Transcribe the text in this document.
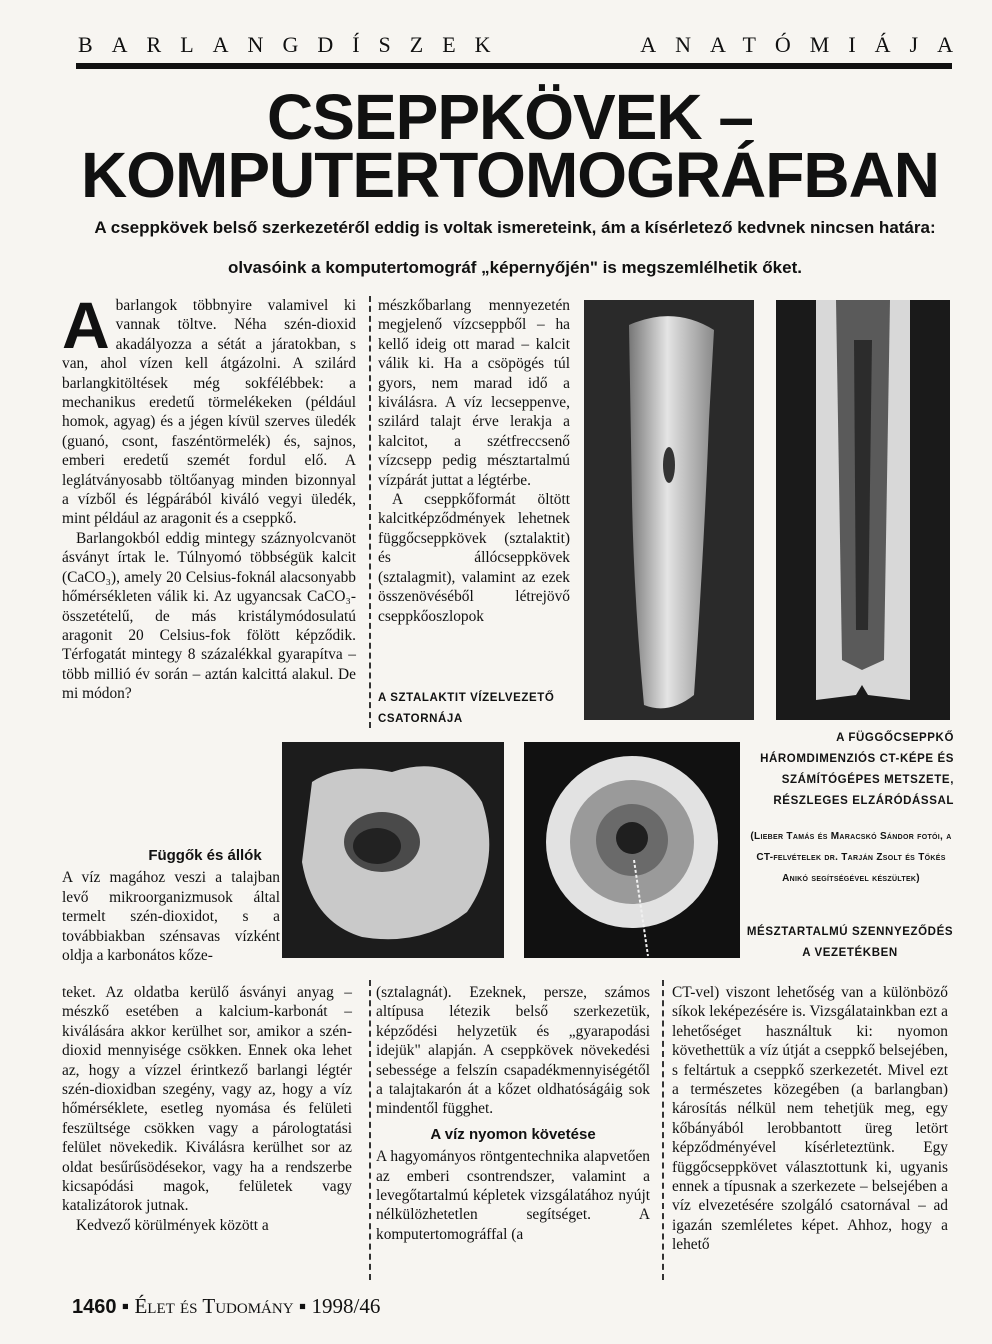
BARLANGDÍSZEK	ANATÓMIÁJA
CSEPPKÖVEK –
KOMPUTERTOMOGRÁFBAN
A cseppkövek belső szerkezetéről eddig is voltak ismereteink, ám a kísérletező kedvnek nincsen határa:
olvasóink a komputertomográf „képernyőjén" is megszemlélhetik őket.

Abarlangok többnyire valamivel ki vannak töltve. Néha szén-dioxid akadályozza a sétát a járatokban, s van, ahol vízen kell átgázolni. A szilárd barlangkitöltések még sokfélébbek: a mechanikus eredetű törmelékeken (például homok, agyag) és a jégen kívül szerves üledék (guanó, csont, faszéntörmelék) és, sajnos, emberi eredetű szemét fordul elő. A leglátványosabb töltőanyag minden bizonnyal a vízből és légpárából kiváló vegyi üledék, mint például az aragonit és a cseppkő.

Barlangokból eddig mintegy száznyolcvanöt ásványt írtak le. Túlnyomó többségük kalcit (CaCO₃), amely 20 Celsius-foknál alacsonyabb hőmérsékleten válik ki. Az ugyancsak CaCO₃-összetételű, de más kristálymódosulatú aragonit 20 Celsius-fok fölött képződik. Térfogatát mintegy 8 százalékkal gyarapítva – több millió év során – aztán kalcittá alakul. De mi módon?

Függők és állók
A víz magához veszi a talajban levő mikroorganizmusok által termelt szén-dioxidot, s a továbbiakban szénsavas vízként oldja a karbonátos kőze-
teket. Az oldatba kerülő ásványi anyag – mészkő esetében a kalcium-karbonát – kiválására akkor kerülhet sor, amikor a szén-dioxid mennyisége csökken. Ennek oka lehet az, hogy a vízzel érintkező barlangi légtér szén-dioxidban szegény, vagy az, hogy a víz hőmérséklete, esetleg nyomása és felületi feszültsége csökken vagy a párologtatási felület növekedik. Kiválásra kerülhet sor az oldat besűrűsödésekor, vagy ha a rendszerbe kicsapódási magok, felületek vagy katalizátorok jutnak.

Kedvező körülmények között a

mészkőbarlang mennyezetén megjelenő vízcseppből – ha kellő ideig ott marad – kalcit válik ki. Ha a csöpögés túl gyors, nem marad idő a kiválásra. A víz lecseppenve, szilárd talajt érve lerakja a kalcitot, a szétfreccsenő vízcsepp pedig mésztartalmú vízpárát juttat a légtérbe.

A cseppkőformát öltött kalcitképződmények lehetnek függőcseppkövek (sztalaktit) és állócseppkövek (sztalagmit), valamint az ezek összenövéséből létrejövő cseppkőoszlopok

A SZTALAKTIT VÍZELVEZETŐ CSATORNÁJA
A FÜGGŐCSEPPKŐ HÁROMDIMENZIÓS CT-KÉPE ÉS SZÁMÍTÓGÉPES METSZETE, RÉSZLEGES ELZÁRÓDÁSSAL
(Lieber Tamás és Maracskó Sándor fotói, a CT-felvételek dr. Tarján Zsolt és Tőkés Anikó segítségével készültek)
MÉSZTARTALMÚ SZENNYEZŐDÉS A VEZETÉKBEN
(sztalagnát). Ezeknek, persze, számos altípusa létezik belső szerkezetük, képződési helyzetük és „gyarapodási idejük" alapján. A cseppkövek növekedési sebessége a felszín csapadékmennyiségétől a talajtakarón át a kőzet oldhatóságáig sok mindentől függhet.
A víz nyomon követése
A hagyományos röntgentechnika alapvetően az emberi csontrendszer, valamint a levegőtartalmú képletek vizsgálatához nyújt nélkülözhetetlen segítséget. A komputertomográffal (a
CT-vel) viszont lehetőség van a különböző síkok leképezésére is. Vizsgálatainkban ezt a lehetőséget használtuk ki: nyomon követhettük a víz útját a cseppkő belsejében, s feltártuk a cseppkő szerkezetét. Mivel ezt a természetes közegében (a barlangban) károsítás nélkül nem tehetjük meg, egy kőbányából lerobbantott üreg letört képződményével kísérleteztünk. Egy függőcseppkövet választottunk ki, ugyanis ennek a típusnak a szerkezete – belsejében a víz elvezetésére szolgáló csatornával – ad igazán szemléletes képet. Ahhoz, hogy a lehető
1460 ▪ Élet és Tudomány ▪ 1998/46
